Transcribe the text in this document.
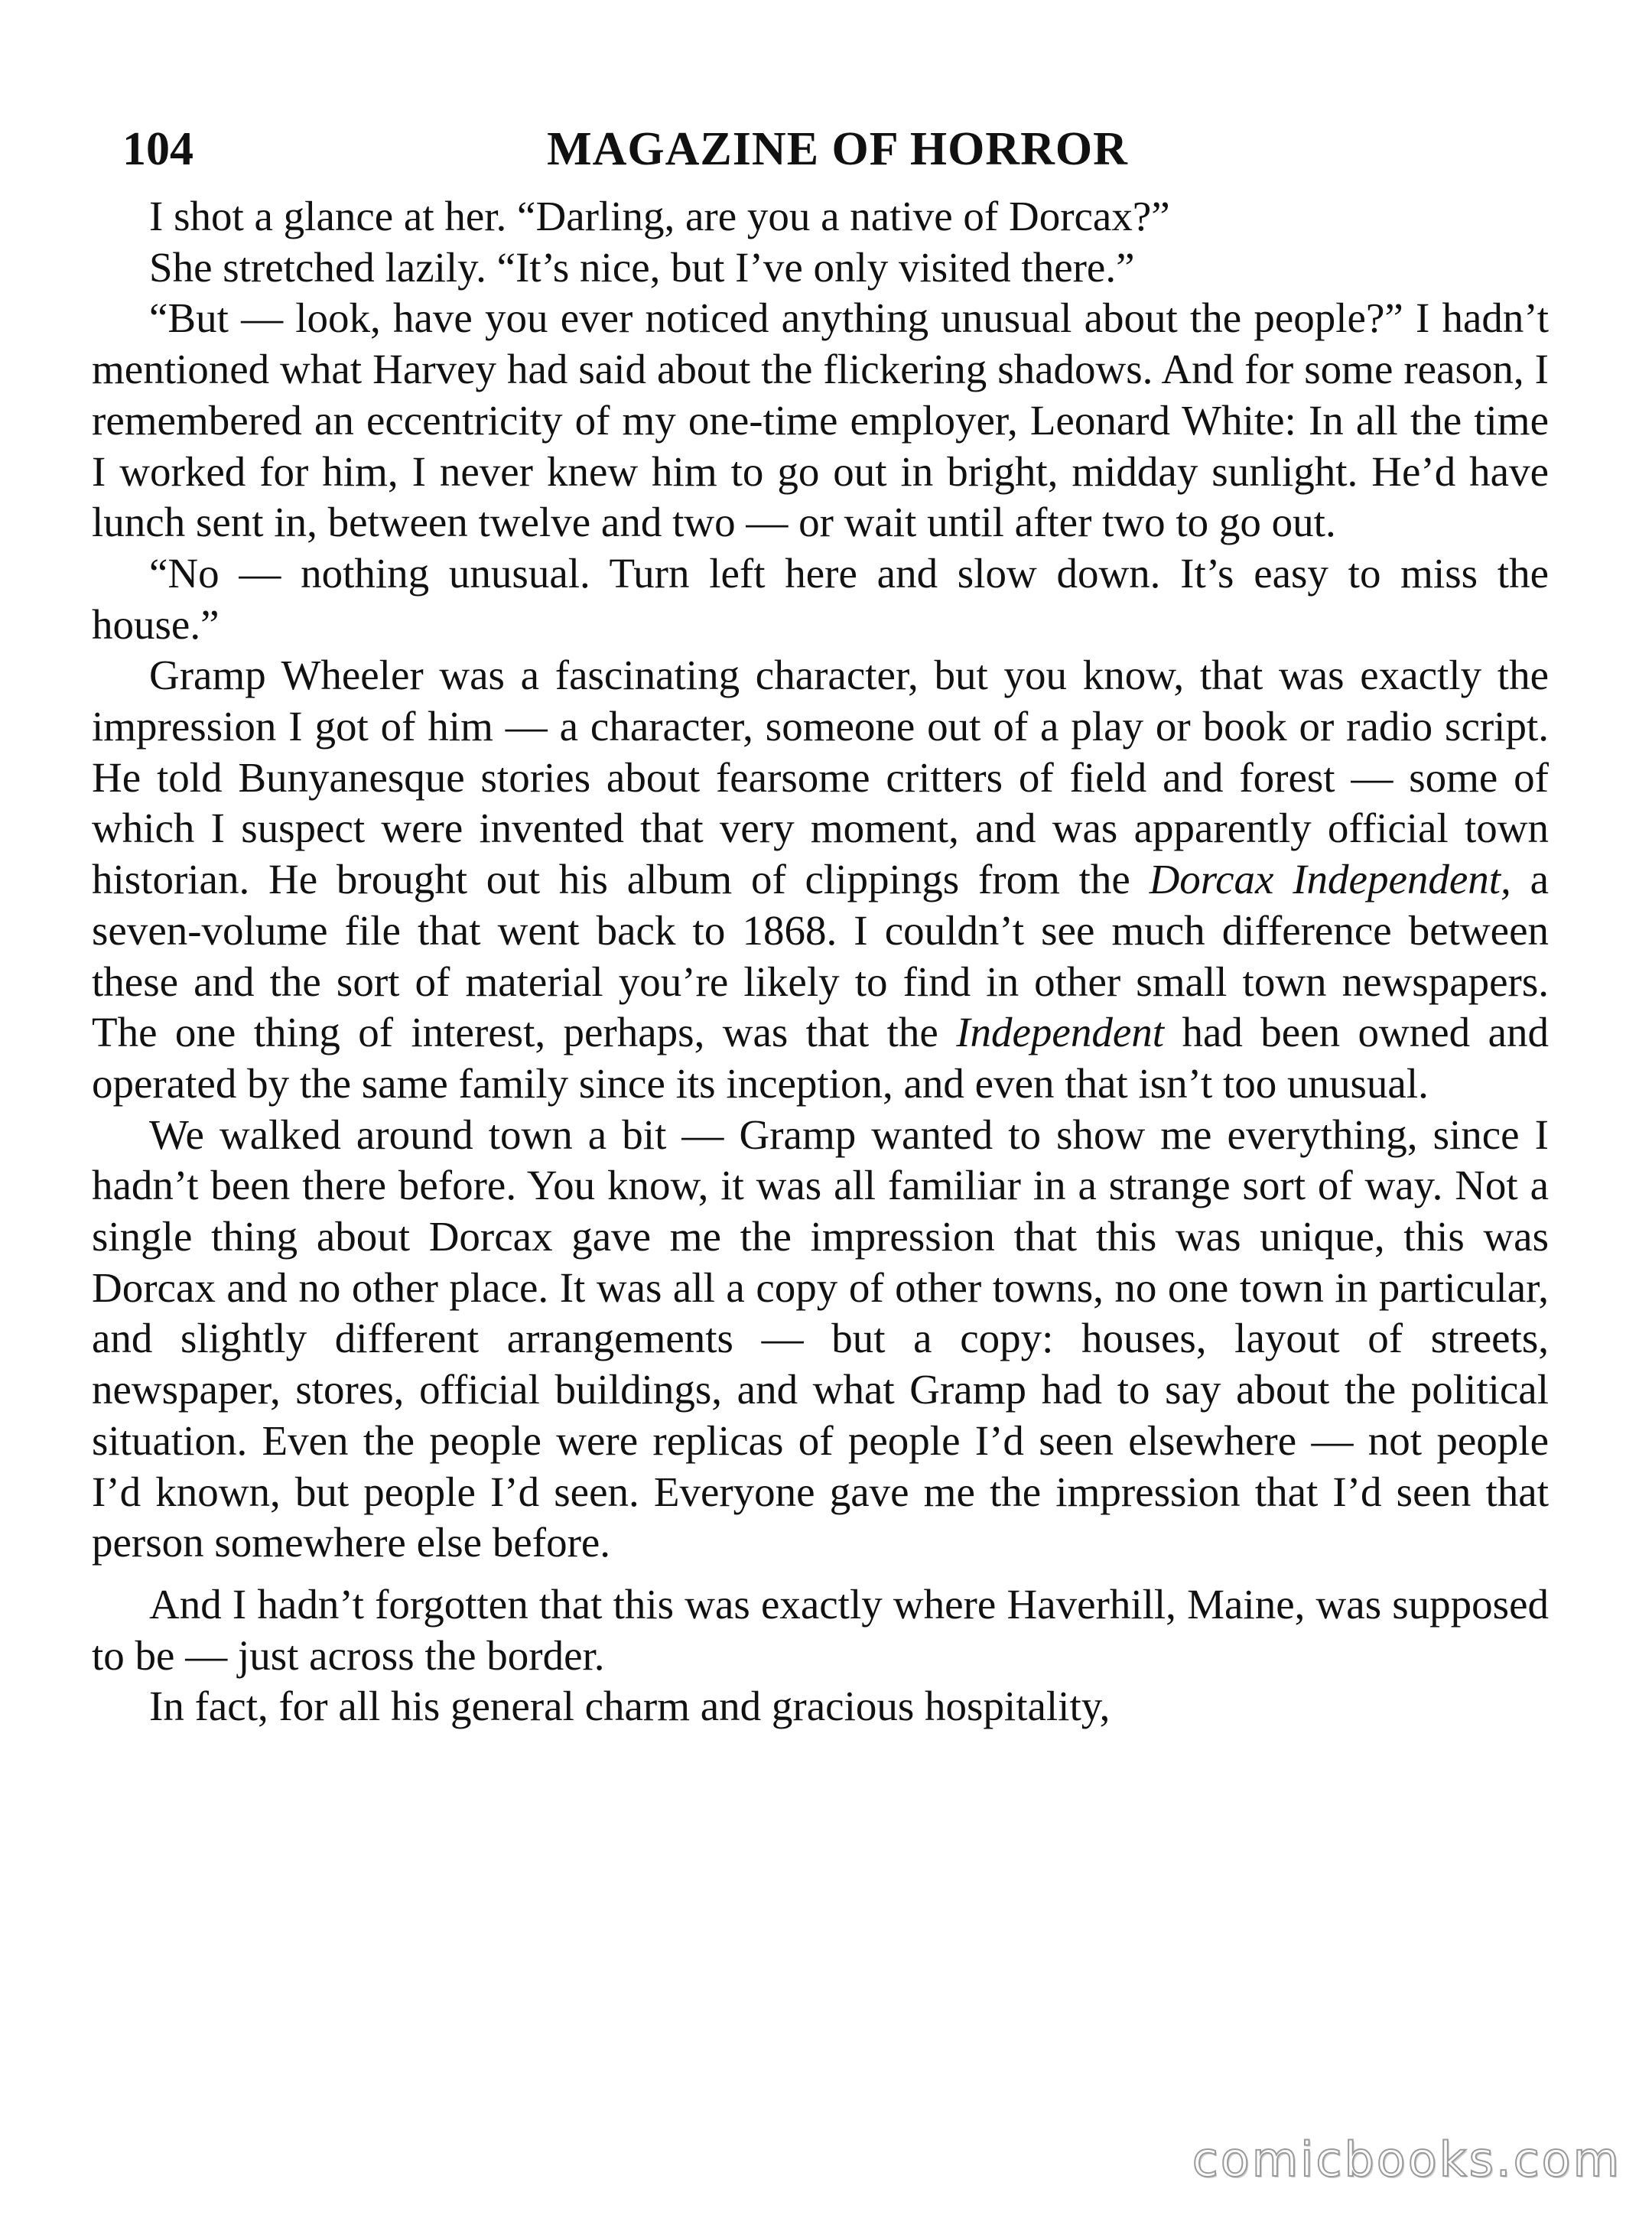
104	MAGAZINE OF HORROR

I shot a glance at her. “Darling, are you a native of Dorcax?”

She stretched lazily. “It’s nice, but I’ve only visited there.”

“But — look, have you ever noticed anything unusual about the people?” I hadn’t mentioned what Harvey had said about the flickering shadows. And for some reason, I remembered an eccentricity of my one-time employer, Leonard White: In all the time I worked for him, I never knew him to go out in bright, midday sunlight. He’d have lunch sent in, between twelve and two — or wait until after two to go out.

“No — nothing unusual. Turn left here and slow down. It’s easy to miss the house.”

Gramp Wheeler was a fascinating character, but you know, that was exactly the impression I got of him — a character, someone out of a play or book or radio script. He told Bunyanesque stories about fearsome critters of field and forest — some of which I suspect were invented that very moment, and was apparently official town historian. He brought out his album of clippings from the Dorcax Independent, a seven-volume file that went back to 1868. I couldn’t see much difference between these and the sort of material you’re likely to find in other small town newspapers. The one thing of interest, perhaps, was that the Independent had been owned and operated by the same family since its inception, and even that isn’t too unusual.

We walked around town a bit — Gramp wanted to show me everything, since I hadn’t been there before. You know, it was all familiar in a strange sort of way. Not a single thing about Dorcax gave me the impression that this was unique, this was Dorcax and no other place. It was all a copy of other towns, no one town in particular, and slightly different arrangements — but a copy: houses, layout of streets, newspaper, stores, official buildings, and what Gramp had to say about the political situation. Even the people were replicas of people I’d seen elsewhere — not people I’d known, but people I’d seen. Everyone gave me the impression that I’d seen that person somewhere else before.

And I hadn’t forgotten that this was exactly where Haverhill, Maine, was supposed to be — just across the border.

In fact, for all his general charm and gracious hospitality,

comicbooks.com
